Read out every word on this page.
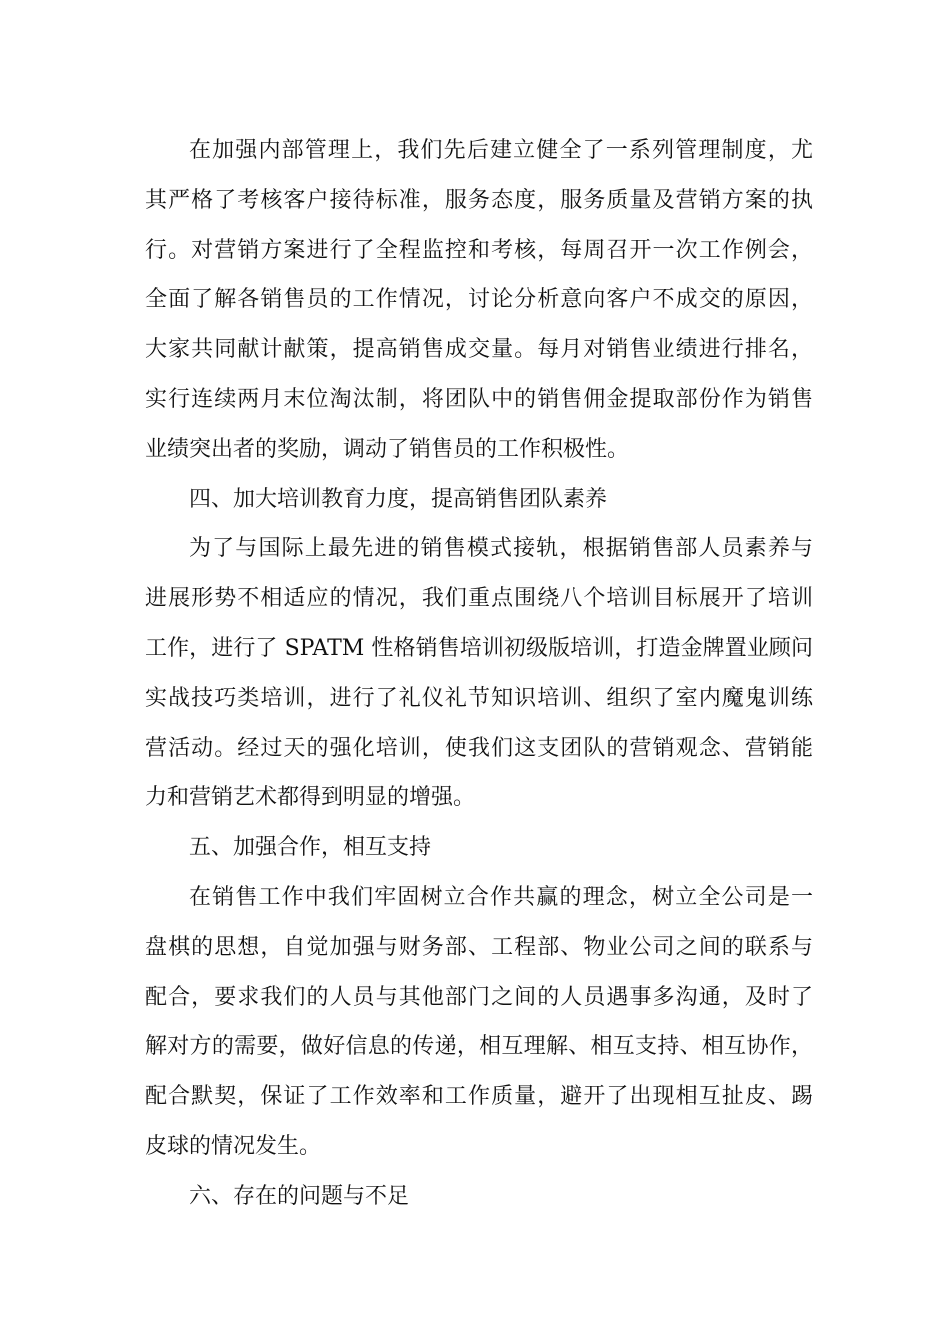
在加强内部管理上，我们先后建立健全了一系列管理制度，尤
其严格了考核客户接待标准，服务态度，服务质量及营销方案的执
行。对营销方案进行了全程监控和考核，每周召开一次工作例会，
全面了解各销售员的工作情况，讨论分析意向客户不成交的原因，
大家共同献计献策，提高销售成交量。每月对销售业绩进行排名，
实行连续两月末位淘汰制，将团队中的销售佣金提取部份作为销售
业绩突出者的奖励，调动了销售员的工作积极性。
四、加大培训教育力度，提高销售团队素养
为了与国际上最先进的销售模式接轨，根据销售部人员素养与
进展形势不相适应的情况，我们重点围绕八个培训目标展开了培训
工作，进行了 SPATM 性格销售培训初级版培训，打造金牌置业顾问
实战技巧类培训，进行了礼仪礼节知识培训、组织了室内魔鬼训练
营活动。经过天的强化培训，使我们这支团队的营销观念、营销能
力和营销艺术都得到明显的增强。
五、加强合作，相互支持
在销售工作中我们牢固树立合作共赢的理念，树立全公司是一
盘棋的思想，自觉加强与财务部、工程部、物业公司之间的联系与
配合，要求我们的人员与其他部门之间的人员遇事多沟通，及时了
解对方的需要，做好信息的传递，相互理解、相互支持、相互协作，
配合默契，保证了工作效率和工作质量，避开了出现相互扯皮、踢
皮球的情况发生。
六、存在的问题与不足
